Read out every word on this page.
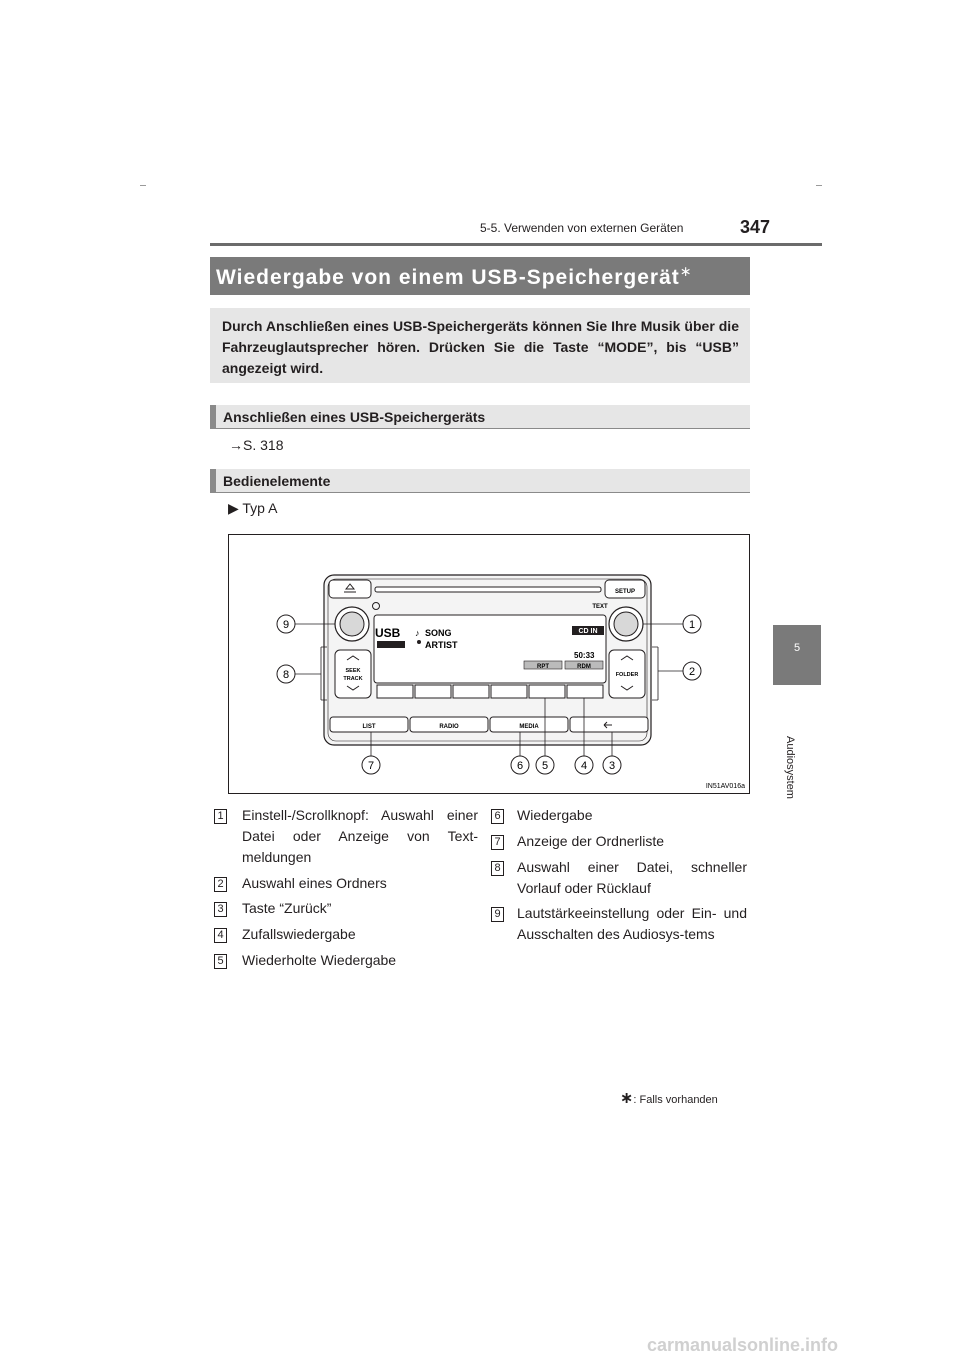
5-5. Verwenden von externen Geräten	347
5
Audiosystem
Wiedergabe von einem USB-Speichergerät∗
Durch Anschließen eines USB-Speichergeräts können Sie Ihre Musik über die Fahrzeuglautsprecher hören. Drücken Sie die Taste “MODE”, bis “USB” angezeigt wird.
Anschließen eines USB-Speichergeräts
→S. 318
Bedienelemente
▶ Typ A
SETUP
TEXT
USB ♪ SONG
ARTIST
CD IN
50:33
RPT	RDM
SEEK
TRACK
FOLDER
LIST	RADIO	MEDIA
9	1
8	2
7	6 5	4 3
IN51AV016a
1 Einstell-/Scrollknopf: Auswahl einer Datei oder Anzeige von Text-meldungen
2 Auswahl eines Ordners
3 Taste “Zurück”
4 Zufallswiedergabe
5 Wiederholte Wiedergabe
6 Wiedergabe
7 Anzeige der Ordnerliste
8 Auswahl einer Datei, schneller Vorlauf oder Rücklauf
9 Lautstärkeeinstellung oder Ein- und Ausschalten des Audiosys-tems
∗: Falls vorhanden
carmanualsonline.info
